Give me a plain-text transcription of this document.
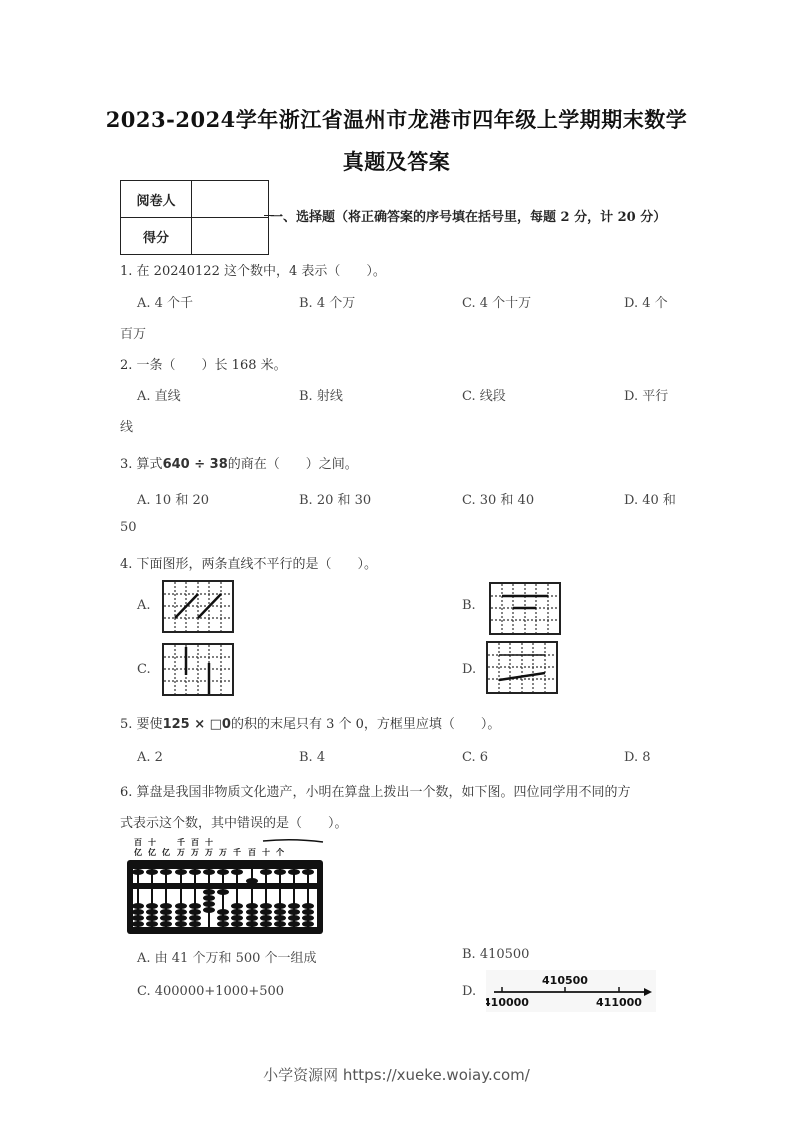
2023-2024学年浙江省温州市龙港市四年级上学期期末数学
真题及答案
阅卷人	
得分	
一、选择题（将正确答案的序号填在括号里，每题 2 分，计 20 分）
1. 在 20240122 这个数中，4 表示（　　）。
A. 4 个千	B. 4 个万	C. 4 个十万	D. 4 个
百万
2. 一条（　　）长 168 米。
A. 直线	B. 射线	C. 线段	D. 平行
线
3. 算式640 ÷ 38的商在（　　）之间。
A. 10 和 20	B. 20 和 30	C. 30 和 40	D. 40 和
50
4. 下面图形，两条直线不平行的是（　　）。
A.	B.
C.	D.
5. 要使125 × □0的积的末尾只有 3 个 0，方框里应填（　　）。
A. 2	B. 4	C. 6	D. 8
6. 算盘是我国非物质文化遗产，小明在算盘上拨出一个数，如下图。四位同学用不同的方
式表示这个数，其中错误的是（　　）。
百 十	千 百 十
亿 亿 亿 万 万 万 万 千 百 十 个
A. 由 41 个万和 500 个一组成	B. 410500
C. 400000+1000+500	D.
410500
410000	411000
小学资源网 https://xueke.woiay.com/
